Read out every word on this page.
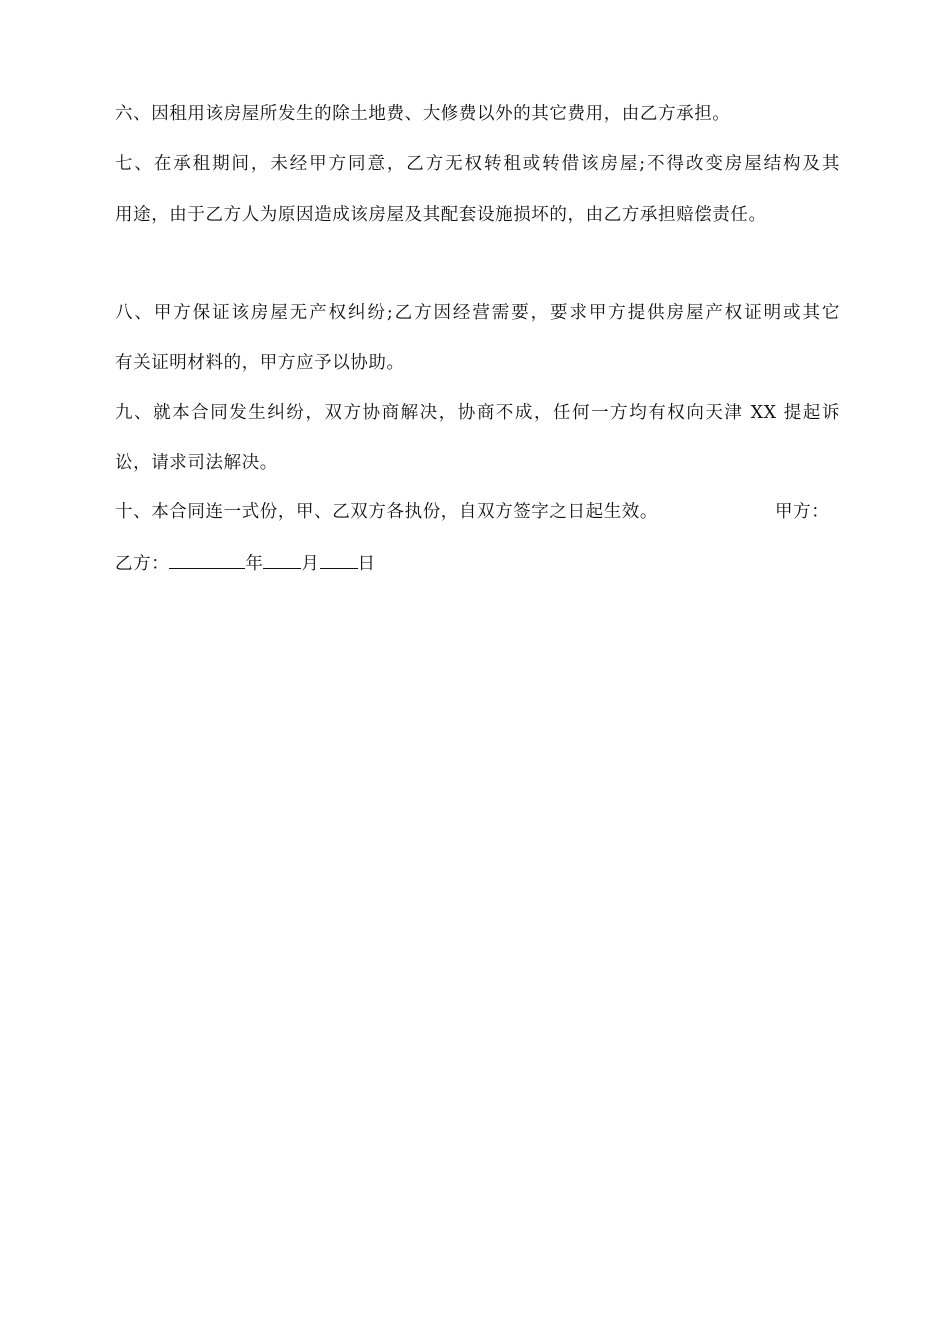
六、因租用该房屋所发生的除土地费、大修费以外的其它费用，由乙方承担。
七、在承租期间，未经甲方同意，乙方无权转租或转借该房屋;不得改变房屋结构及其
用途，由于乙方人为原因造成该房屋及其配套设施损坏的，由乙方承担赔偿责任。
八、甲方保证该房屋无产权纠纷;乙方因经营需要，要求甲方提供房屋产权证明或其它
有关证明材料的，甲方应予以协助。
九、就本合同发生纠纷，双方协商解决，协商不成，任何一方均有权向天津 XX 提起诉
讼，请求司法解决。
十、本合同连一式份，甲、乙双方各执份，自双方签字之日起生效。	甲方：
乙方：	年 月 日
